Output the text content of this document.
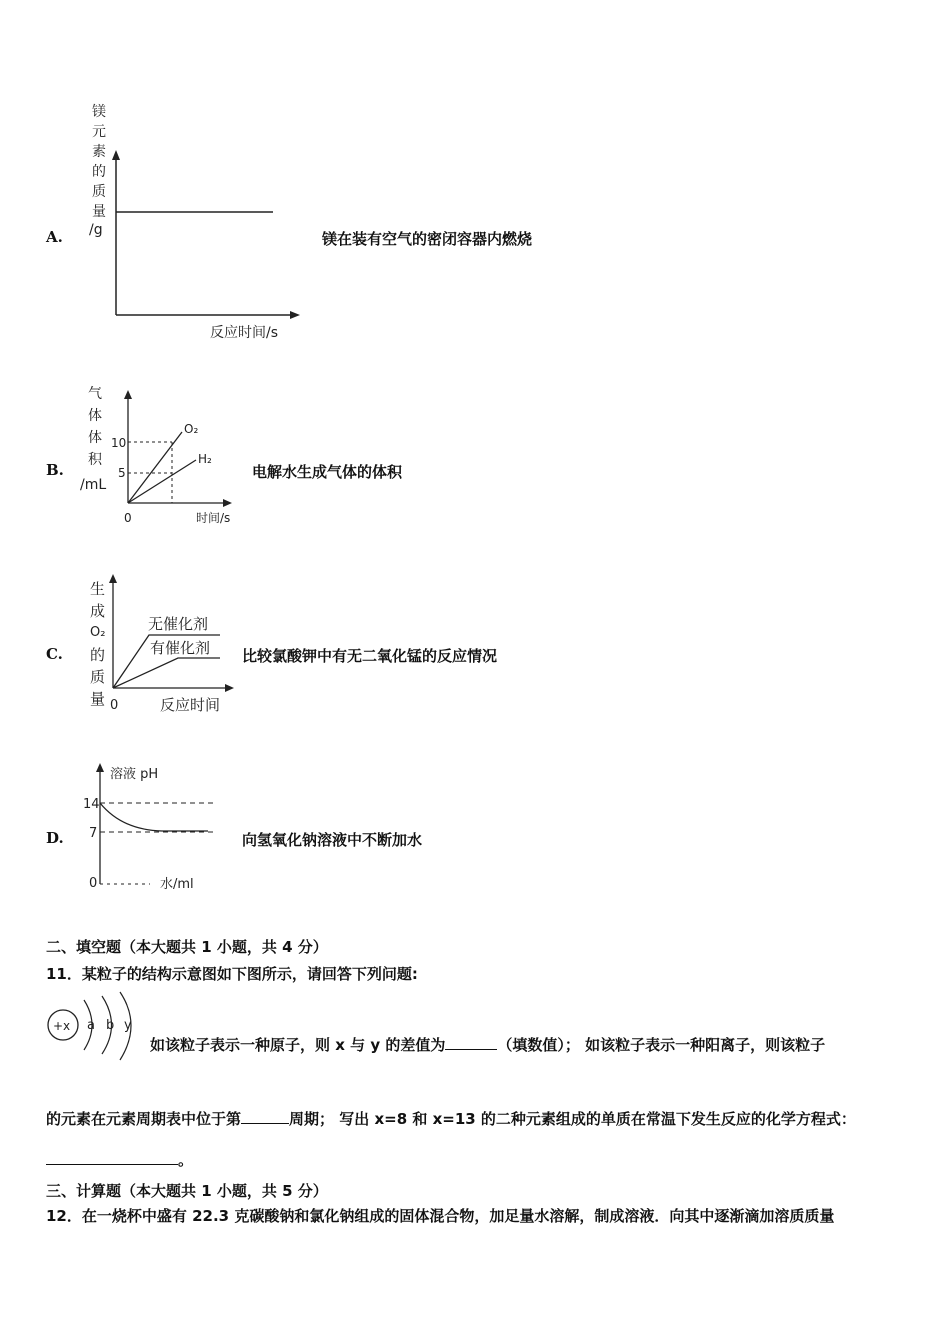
A.
镁
元
素
的
质
量
/g
反应时间/s
镁在装有空气的密闭容器内燃烧
B.
气
体
体
积
/mL
10
5
0
O₂
H₂
时间/s
电解水生成气体的体积
C.
生
成
O₂
的
质
量
无催化剂
有催化剂
0	反应时间
比较氯酸钾中有无二氧化锰的反应情况
D.
溶液 pH
14
7
0	水/ml
向氢氧化钠溶液中不断加水
二、填空题（本大题共 1 小题，共 4 分）
11．某粒子的结构示意图如下图所示，请回答下列问题:
+x a b y
如该粒子表示一种原子，则 x 与 y 的差值为	（填数值）； 如该粒子表示一种阳离子，则该粒子
的元素在元素周期表中位于第	周期； 写出 x=8 和 x=13 的二种元素组成的单质在常温下发生反应的化学方程式：
。
三、计算题（本大题共 1 小题，共 5 分）
12．在一烧杯中盛有 22.3 克碳酸钠和氯化钠组成的固体混合物，加足量水溶解，制成溶液．向其中逐渐滴加溶质质量
